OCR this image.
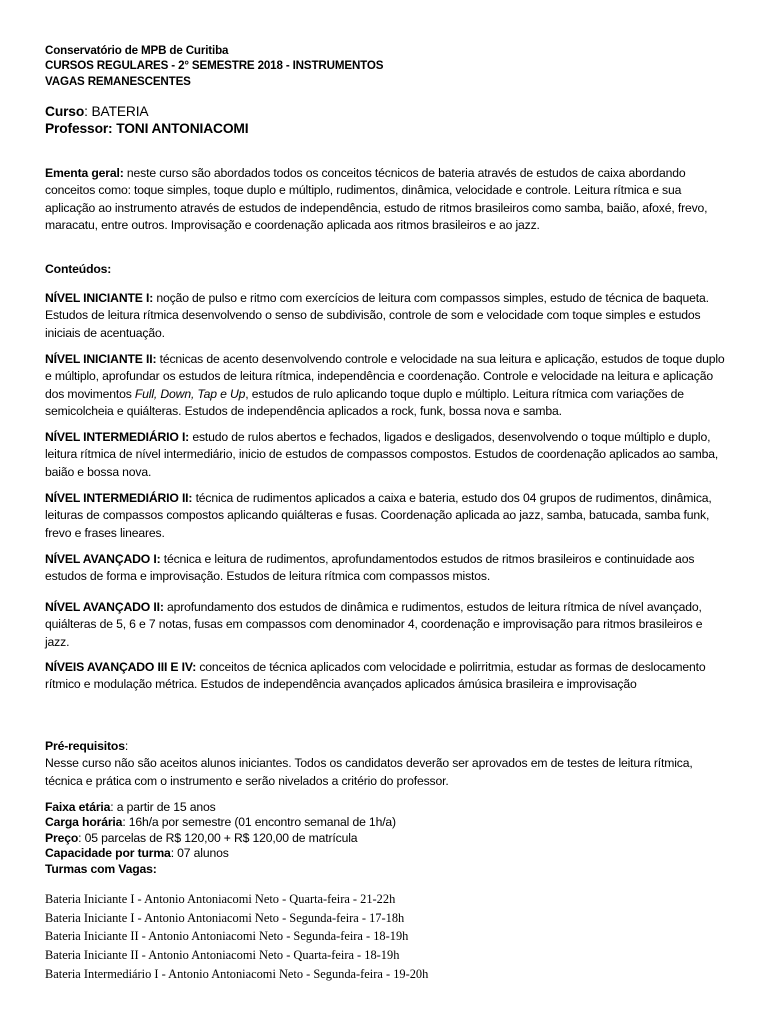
Conservatório de MPB de Curitiba
CURSOS REGULARES - 2° SEMESTRE 2018 - INSTRUMENTOS
VAGAS REMANESCENTES
Curso: BATERIA
Professor: TONI ANTONIACOMI

Ementa geral: neste curso são abordados todos os conceitos técnicos de bateria através de estudos de caixa abordando conceitos como: toque simples, toque duplo e múltiplo, rudimentos, dinâmica, velocidade e controle. Leitura rítmica e sua aplicação ao instrumento através de estudos de independência, estudo de ritmos brasileiros como samba, baião, afoxé, frevo, maracatu, entre outros. Improvisação e coordenação aplicada aos ritmos brasileiros e ao jazz.

Conteúdos:

NÍVEL INICIANTE I: noção de pulso e ritmo com exercícios de leitura com compassos simples, estudo de técnica de baqueta. Estudos de leitura rítmica desenvolvendo o senso de subdivisão, controle de som e velocidade com toque simples e estudos iniciais de acentuação.

NÍVEL INICIANTE II: técnicas de acento desenvolvendo controle e velocidade na sua leitura e aplicação, estudos de toque duplo e múltiplo, aprofundar os estudos de leitura rítmica, independência e coordenação. Controle e velocidade na leitura e aplicação dos movimentos Full, Down, Tap e Up, estudos de rulo aplicando toque duplo e múltiplo. Leitura rítmica com variações de semicolcheia e quiálteras. Estudos de independência aplicados a rock, funk, bossa nova e samba.

NÍVEL INTERMEDIÁRIO I: estudo de rulos abertos e fechados, ligados e desligados, desenvolvendo o toque múltiplo e duplo, leitura rítmica de nível intermediário, inicio de estudos de compassos compostos. Estudos de coordenação aplicados ao samba, baião e bossa nova.

NÍVEL INTERMEDIÁRIO II: técnica de rudimentos aplicados a caixa e bateria, estudo dos 04 grupos de rudimentos, dinâmica, leituras de compassos compostos aplicando quiálteras e fusas. Coordenação aplicada ao jazz, samba, batucada, samba funk, frevo e frases lineares.

NÍVEL AVANÇADO I: técnica e leitura de rudimentos, aprofundamentodos estudos de ritmos brasileiros e continuidade aos estudos de forma e improvisação. Estudos de leitura rítmica com compassos mistos.

NÍVEL AVANÇADO II: aprofundamento dos estudos de dinâmica e rudimentos, estudos de leitura rítmica de nível avançado, quiálteras de 5, 6 e 7 notas, fusas em compassos com denominador 4, coordenação e improvisação para ritmos brasileiros e jazz.

NÍVEIS AVANÇADO III E IV: conceitos de técnica aplicados com velocidade e polirritmia, estudar as formas de deslocamento rítmico e modulação métrica. Estudos de independência avançados aplicados ámúsica brasileira e improvisação

Pré-requisitos:

Nesse curso não são aceitos alunos iniciantes. Todos os candidatos deverão ser aprovados em de testes de leitura rítmica, técnica e prática com o instrumento e serão nivelados a critério do professor.

Faixa etária: a partir de 15 anos
Carga horária: 16h/a por semestre (01 encontro semanal de 1h/a)
Preço: 05 parcelas de R$ 120,00 + R$ 120,00 de matrícula
Capacidade por turma: 07 alunos
Turmas com Vagas:
Bateria Iniciante I - Antonio Antoniacomi Neto - Quarta-feira - 21-22h
Bateria Iniciante I - Antonio Antoniacomi Neto - Segunda-feira - 17-18h
Bateria Iniciante II - Antonio Antoniacomi Neto - Segunda-feira - 18-19h
Bateria Iniciante II - Antonio Antoniacomi Neto - Quarta-feira - 18-19h
Bateria Intermediário I - Antonio Antoniacomi Neto - Segunda-feira - 19-20h
